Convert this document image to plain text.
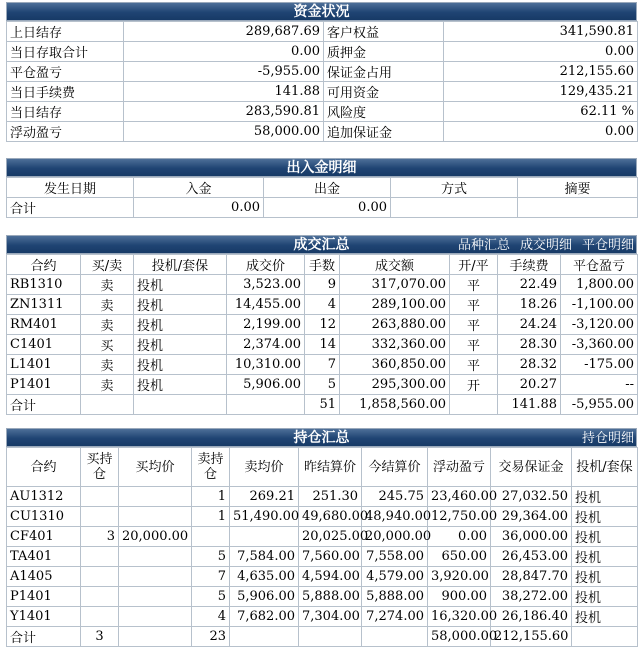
资金状况
上日结存	289,687.69	客户权益	341,590.81
当日存取合计	0.00	质押金	0.00
平仓盈亏	-5,955.00	保证金占用	212,155.60
当日手续费	141.88	可用资金	129,435.21
当日结存	283,590.81	风险度	62.11 %
浮动盈亏	58,000.00	追加保证金	0.00
出入金明细
发生日期	入金	出金	方式	摘要
合计	0.00	0.00		
成交汇总	品种汇总 成交明细 平仓明细
合约	买/卖	投机/套保	成交价	手数	成交额	开/平	手续费	平仓盈亏
RB1310	卖	投机	3,523.00	9	317,070.00	平	22.49	1,800.00
ZN1311	卖	投机	14,455.00	4	289,100.00	平	18.26	-1,100.00
RM401	卖	投机	2,199.00	12	263,880.00	平	24.24	-3,120.00
C1401	买	投机	2,374.00	14	332,360.00	平	28.30	-3,360.00
L1401	卖	投机	10,310.00	7	360,850.00	平	28.32	-175.00
P1401	卖	投机	5,906.00	5	295,300.00	开	20.27	--
合计				51	1,858,560.00		141.88	-5,955.00
持仓汇总	持仓明细
合约	买持仓	买均价	卖持仓	卖均价	昨结算价	今结算价	浮动盈亏	交易保证金	投机/套保
AU1312			1	269.21	251.30	245.75	23,460.00	27,032.50	投机
CU1310			1	51,490.00	49,680.00	48,940.00	12,750.00	29,364.00	投机
CF401	3	20,000.00			20,025.00	20,000.00	0.00	36,000.00	投机
TA401			5	7,584.00	7,560.00	7,558.00	650.00	26,453.00	投机
A1405			7	4,635.00	4,594.00	4,579.00	3,920.00	28,847.70	投机
P1401			5	5,906.00	5,888.00	5,888.00	900.00	38,272.00	投机
Y1401			4	7,682.00	7,304.00	7,274.00	16,320.00	26,186.40	投机
合计	3		23				58,000.00	212,155.60	
